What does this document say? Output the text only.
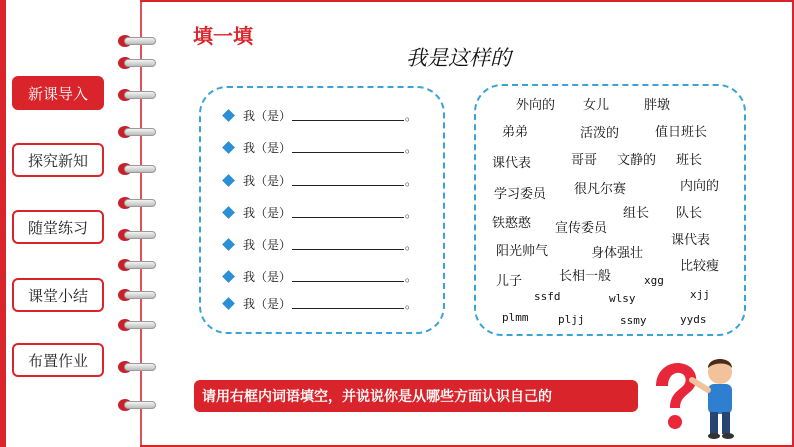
新课导入
探究新知
随堂练习
课堂小结
布置作业
填一填
我是这样的
我（是）	。
我（是）	。
我（是）	。
我（是）	。
我（是）	。
我（是）	。
我（是）	。
外向的 女儿	胖墩
弟弟	活泼的	值日班长
课代表	哥哥 文静的 班长
学习委员 很凡尔赛	内向的
铁憨憨 宣传委员
组长 队长
阳光帅气	身体强壮
课代表
儿子	长相一般
比较瘦
xgg
ssfd	wlsy	xjj
plmm	pljj	ssmy	yyds
请用右框内词语填空，并说说你是从哪些方面认识自己的
